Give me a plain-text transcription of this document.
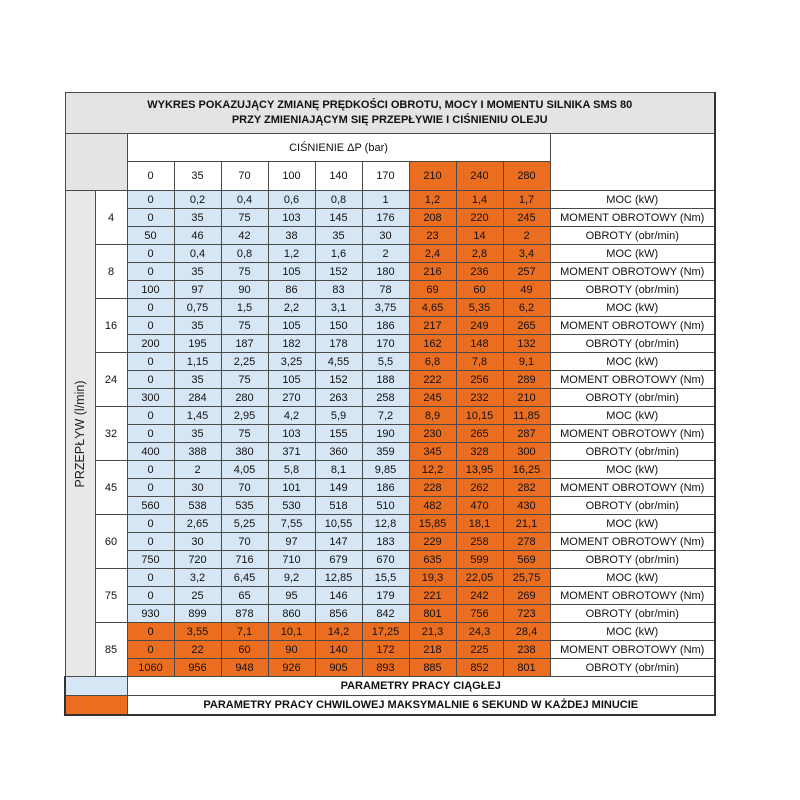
WYKRES POKAZUJĄCY ZMIANĘ PRĘDKOŚCI OBROTU, MOCY I MOMENTU SILNIKA SMS 80
PRZY ZMIENIAJĄCYM SIĘ PRZEPŁYWIE I CIŚNIENIU OLEJU											

		CIŚNIENIE ΔP (bar)									
		0	35	70	100	140	170	210	240	280	

PRZEPŁYW (l/min)	4	0	0,2	0,4	0,6	0,8	1	1,2	1,4	1,7	MOC (kW)
		0	35	75	103	145	176	208	220	245	MOMENT OBROTOWY (Nm)
		50	46	42	38	35	30	23	14	2	OBROTY (obr/min)
	8	0	0,4	0,8	1,2	1,6	2	2,4	2,8	3,4	MOC (kW)
		0	35	75	105	152	180	216	236	257	MOMENT OBROTOWY (Nm)
		100	97	90	86	83	78	69	60	49	OBROTY (obr/min)
	16	0	0,75	1,5	2,2	3,1	3,75	4,65	5,35	6,2	MOC (kW)
		0	35	75	105	150	186	217	249	265	MOMENT OBROTOWY (Nm)
		200	195	187	182	178	170	162	148	132	OBROTY (obr/min)
	24	0	1,15	2,25	3,25	4,55	5,5	6,8	7,8	9,1	MOC (kW)
		0	35	75	105	152	188	222	256	289	MOMENT OBROTOWY (Nm)
		300	284	280	270	263	258	245	232	210	OBROTY (obr/min)
	32	0	1,45	2,95	4,2	5,9	7,2	8,9	10,15	11,85	MOC (kW)
		0	35	75	103	155	190	230	265	287	MOMENT OBROTOWY (Nm)
		400	388	380	371	360	359	345	328	300	OBROTY (obr/min)
	45	0	2	4,05	5,8	8,1	9,85	12,2	13,95	16,25	MOC (kW)
		0	30	70	101	149	186	228	262	282	MOMENT OBROTOWY (Nm)
		560	538	535	530	518	510	482	470	430	OBROTY (obr/min)
	60	0	2,65	5,25	7,55	10,55	12,8	15,85	18,1	21,1	MOC (kW)
		0	30	70	97	147	183	229	258	278	MOMENT OBROTOWY (Nm)
		750	720	716	710	679	670	635	599	569	OBROTY (obr/min)
	75	0	3,2	6,45	9,2	12,85	15,5	19,3	22,05	25,75	MOC (kW)
		0	25	65	95	146	179	221	242	269	MOMENT OBROTOWY (Nm)
		930	899	878	860	856	842	801	756	723	OBROTY (obr/min)
	85	0	3,55	7,1	10,1	14,2	17,25	21,3	24,3	28,4	MOC (kW)
		0	22	60	90	140	172	218	225	238	MOMENT OBROTOWY (Nm)
		1060	956	948	926	905	893	885	852	801	OBROTY (obr/min)
		PARAMETRY PRACY CIĄGŁEJ									
		PARAMETRY PRACY CHWILOWEJ MAKSYMALNIE 6 SEKUND W KAŻDEJ MINUCIE									
